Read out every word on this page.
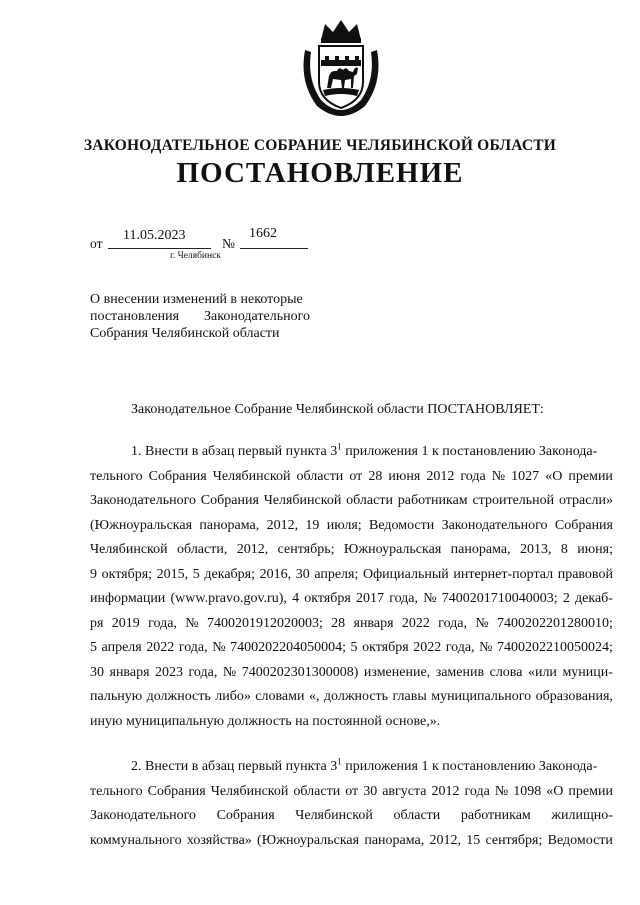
ЗАКОНОДАТЕЛЬНОЕ СОБРАНИЕ ЧЕЛЯБИНСКОЙ ОБЛАСТИ
ПОСТАНОВЛЕНИЕ
от
11.05.2023
№
1662
г. Челябинск
О внесении изменений в некоторые
постановления Законодательного
Собрания Челябинской области
Законодательное Собрание Челябинской области ПОСТАНОВЛЯЕТ:
1. Внести в абзац первый пункта $3^1$ приложения 1 к постановлению Законода-
тельного Собрания Челябинской области от 28 июня 2012 года № 1027 «О премии
Законодательного Собрания Челябинской области работникам строительной отрасли»
(Южноуральская панорама, 2012, 19 июля; Ведомости Законодательного Собрания
Челябинской области, 2012, сентябрь; Южноуральская панорама, 2013, 8 июня;
9 октября; 2015, 5 декабря; 2016, 30 апреля; Официальный интернет-портал правовой
информации (www.pravo.gov.ru), 4 октября 2017 года, № 7400201710040003; 2 декаб-
ря 2019 года, № 7400201912020003; 28 января 2022 года, № 7400202201280010;
5 апреля 2022 года, № 7400202204050004; 5 октября 2022 года, № 7400202210050024;
30 января 2023 года, № 7400202301300008) изменение, заменив слова «или муници-
пальную должность либо» словами «, должность главы муниципального образования,
иную муниципальную должность на постоянной основе,».
2. Внести в абзац первый пункта $3^1$ приложения 1 к постановлению Законода-
тельного Собрания Челябинской области от 30 августа 2012 года № 1098 «О премии
Законодательного Собрания Челябинской области работникам жилищно-
коммунального хозяйства» (Южноуральская панорама, 2012, 15 сентября; Ведомости
